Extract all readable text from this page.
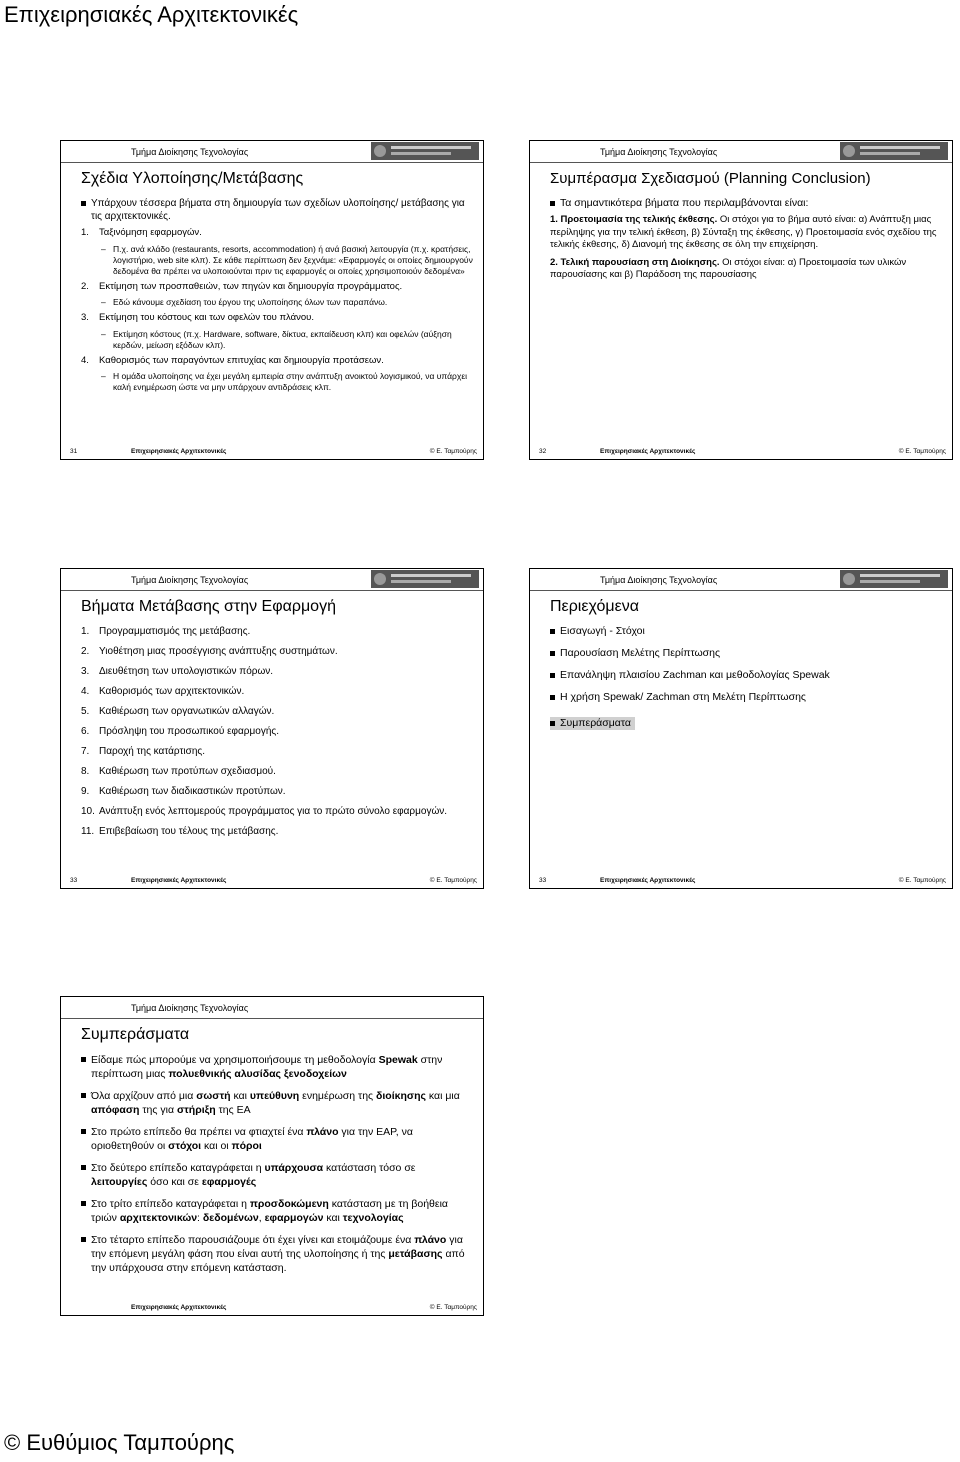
Επιχειρησιακές Αρχιτεκτονικές
Τμήμα Διοίκησης Τεχνολογίας
Σχέδια Υλοποίησης/Μετάβασης
Υπάρχουν τέσσερα βήματα στη δημιουργία των σχεδίων υλοποίησης/ μετάβασης για τις αρχιτεκτονικές.
1. Ταξινόμηση εφαρμογών.
– Π.χ. ανά κλάδο (restaurants, resorts, accommodation) ή ανά βασική λειτουργία (π.χ. κρατήσεις, λογιστήριο, web site κλπ). Σε κάθε περίπτωση δεν ξεχνάμε: «Εφαρμογές οι οποίες δημιουργούν δεδομένα θα πρέπει να υλοποιούνται πριν τις εφαρμογές οι οποίες χρησιμοποιούν δεδομένα»
2. Εκτίμηση των προσπαθειών, των πηγών και δημιουργία προγράμματος.
– Εδώ κάνουμε σχεδίαση του έργου της υλοποίησης όλων των παραπάνω.
3. Εκτίμηση του κόστους και των οφελών του πλάνου.
– Εκτίμηση κόστους (π.χ. Hardware, software, δίκτυα, εκπαίδευση κλπ) και οφελών (αύξηση κερδών, μείωση εξόδων κλπ).
4. Καθορισμός των παραγόντων επιτυχίας και δημιουργία προτάσεων.
– Η ομάδα υλοποίησης να έχει μεγάλη εμπειρία στην ανάπτυξη ανοικτού λογισμικού, να υπάρχει καλή ενημέρωση ώστε να μην υπάρχουν αντιδράσεις κλπ.
31	Επιχειρησιακές Αρχιτεκτονικές	© Ε. Ταμπούρης
Τμήμα Διοίκησης Τεχνολογίας
Συμπέρασμα Σχεδιασμού (Planning Conclusion)
Τα σημαντικότερα βήματα που περιλαμβάνονται είναι:
1. Προετοιμασία της τελικής έκθεσης. Οι στόχοι για το βήμα αυτό είναι: α) Ανάπτυξη μιας περίληψης για την τελική έκθεση, β) Σύνταξη της έκθεσης, γ) Προετοιμασία ενός σχεδίου της τελικής έκθεσης, δ) Διανομή της έκθεσης σε όλη την επιχείρηση.
2. Τελική παρουσίαση στη Διοίκησης. Οι στόχοι είναι: α) Προετοιμασία των υλικών παρουσίασης και β) Παράδοση της παρουσίασης
32	Επιχειρησιακές Αρχιτεκτονικές	© Ε. Ταμπούρης
Τμήμα Διοίκησης Τεχνολογίας
Βήματα Μετάβασης στην Εφαρμογή
1. Προγραμματισμός της μετάβασης.
2. Υιοθέτηση μιας προσέγγισης ανάπτυξης συστημάτων.
3. Διευθέτηση των υπολογιστικών πόρων.
4. Καθορισμός των αρχιτεκτονικών.
5. Καθιέρωση των οργανωτικών αλλαγών.
6. Πρόσληψη του προσωπικού εφαρμογής.
7. Παροχή της κατάρτισης.
8. Καθιέρωση των προτύπων σχεδιασμού.
9. Καθιέρωση των διαδικαστικών προτύπων.
10. Ανάπτυξη ενός λεπτομερούς προγράμματος για το πρώτο σύνολο εφαρμογών.
11. Επιβεβαίωση του τέλους της μετάβασης.
33	Επιχειρησιακές Αρχιτεκτονικές	© Ε. Ταμπούρης
Τμήμα Διοίκησης Τεχνολογίας
Περιεχόμενα
Εισαγωγή - Στόχοι
Παρουσίαση Μελέτης Περίπτωσης
Επανάληψη πλαισίου Zachman και μεθοδολογίας Spewak
Η χρήση Spewak/ Zachman στη Μελέτη Περίπτωσης
Συμπεράσματα
33	Επιχειρησιακές Αρχιτεκτονικές	© Ε. Ταμπούρης
Τμήμα Διοίκησης Τεχνολογίας
Συμπεράσματα
Είδαμε πώς μπορούμε να χρησιμοποιήσουμε τη μεθοδολογία Spewak στην περίπτωση μιας πολυεθνικής αλυσίδας ξενοδοχείων
Όλα αρχίζουν από μια σωστή και υπεύθυνη ενημέρωση της διοίκησης και μια απόφαση της για στήριξη της ΕΑ
Στο πρώτο επίπεδο θα πρέπει να φτιαχτεί ένα πλάνο για την ΕΑΡ, να οριοθετηθούν οι στόχοι και οι πόροι
Στο δεύτερο επίπεδο καταγράφεται η υπάρχουσα κατάσταση τόσο σε λειτουργίες όσο και σε εφαρμογές
Στο τρίτο επίπεδο καταγράφεται η προσδοκώμενη κατάσταση με τη βοήθεια τριών αρχιτεκτονικών: δεδομένων, εφαρμογών και τεχνολογίας
Στο τέταρτο επίπεδο παρουσιάζουμε ότι έχει γίνει και ετοιμάζουμε ένα πλάνο για την επόμενη μεγάλη φάση που είναι αυτή της υλοποίησης ή της μετάβασης από την υπάρχουσα στην επόμενη κατάσταση.
Επιχειρησιακές Αρχιτεκτονικές	© Ε. Ταμπούρης
© Ευθύμιος Ταμπούρης
